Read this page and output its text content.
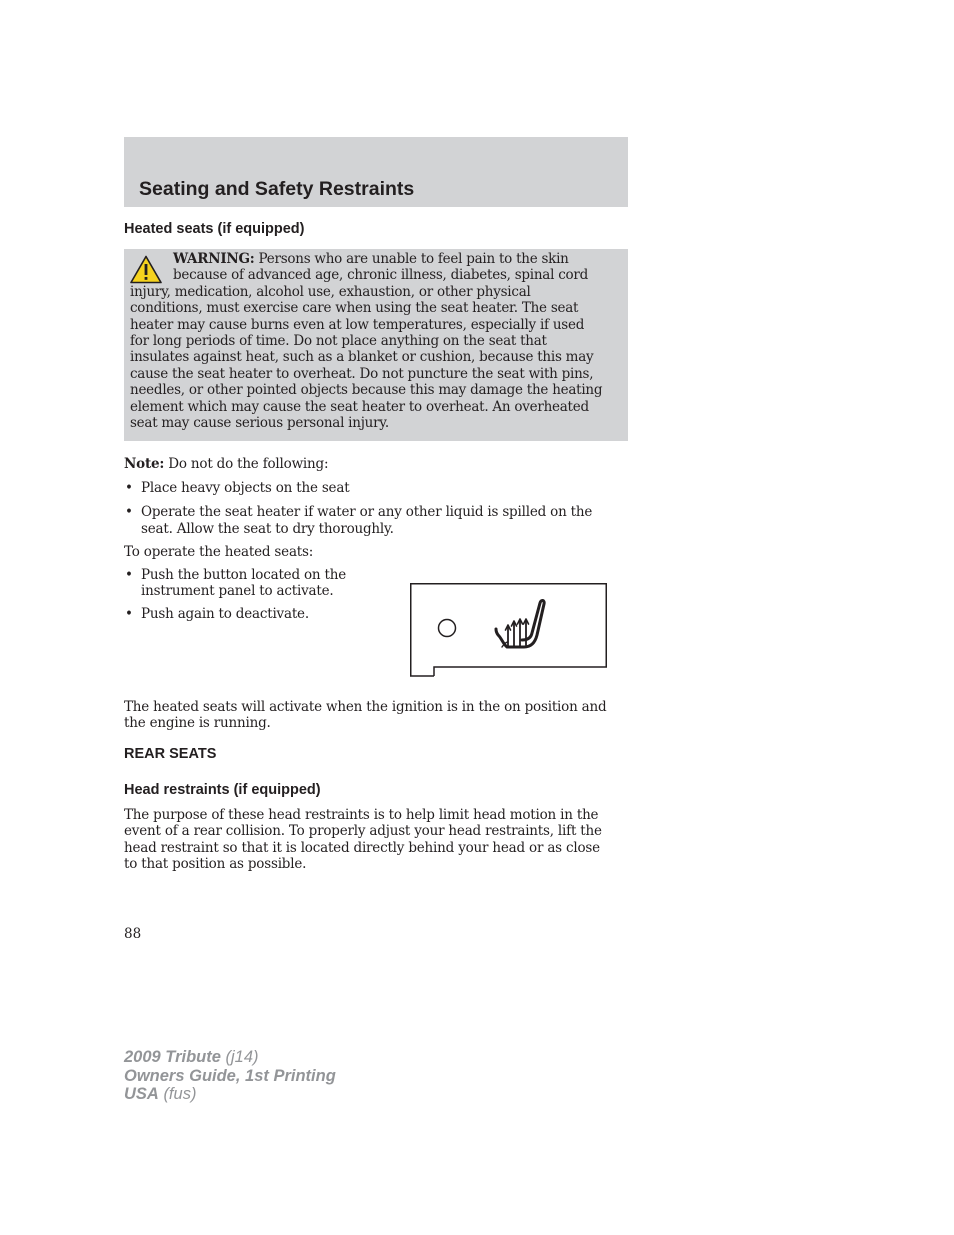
Seating and Safety Restraints
Heated seats (if equipped)

WARNING: Persons who are unable to feel pain to the skin
because of advanced age, chronic illness, diabetes, spinal cord
injury, medication, alcohol use, exhaustion, or other physical
conditions, must exercise care when using the seat heater. The seat
heater may cause burns even at low temperatures, especially if used
for long periods of time. Do not place anything on the seat that
insulates against heat, such as a blanket or cushion, because this may
cause the seat heater to overheat. Do not puncture the seat with pins,
needles, or other pointed objects because this may damage the heating
element which may cause the seat heater to overheat. An overheated
seat may cause serious personal injury.

Note: Do not do the following:

• Place heavy objects on the seat
• Operate the seat heater if water or any other liquid is spilled on the
seat. Allow the seat to dry thoroughly.

To operate the heated seats:

• Push the button located on the
instrument panel to activate.
• Push again to deactivate.

The heated seats will activate when the ignition is in the on position and
the engine is running.

REAR SEATS
Head restraints (if equipped)

The purpose of these head restraints is to help limit head motion in the
event of a rear collision. To properly adjust your head restraints, lift the
head restraint so that it is located directly behind your head or as close
to that position as possible.

88

2009 Tribute (j14)
Owners Guide, 1st Printing
USA (fus)
